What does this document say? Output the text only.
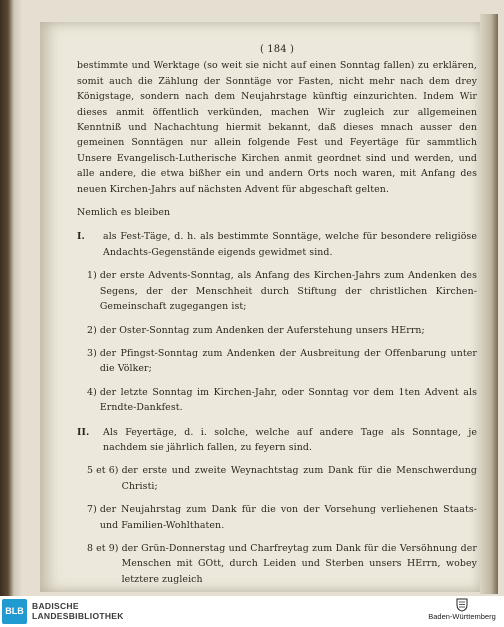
( 184 )

bestimmte und Werktage (so weit sie nicht auf einen Sonntag fallen) zu erklären, somit auch die Zählung der Sonntäge vor Fasten, nicht mehr nach dem drey Königstage, sondern nach dem Neujahrstage künftig einzurichten. Indem Wir dieses anmit öffentlich verkünden, machen Wir zugleich zur allgemeinen Kenntniß und Nachachtung hiermit bekannt, daß dieses mnach ausser den gemeinen Sonntägen nur allein folgende Fest und Feyertäge für sammtlich Unsere Evangelisch-Lutherische Kirchen anmit geordnet sind und werden, und alle andere, die etwa bißher ein und andern Orts noch waren, mit Anfang des neuen Kirchen-Jahrs auf nächsten Advent für abgeschaft gelten.

Nemlich es bleiben

I.	als Fest-Täge, d. h. als bestimmte Sonntäge, welche für besondere religiöse Andachts-Gegenstände eigends gewidmet sind.
1) der erste Advents-Sonntag, als Anfang des Kirchen-Jahrs zum Andenken des Segens, der der Menschheit durch Stiftung der christlichen Kirchen-Gemeinschaft zugegangen ist;
2) der Oster-Sonntag zum Andenken der Auferstehung unsers HErrn;
3) der Pfingst-Sonntag zum Andenken der Ausbreitung der Offenbarung unter die Völker;
4) der letzte Sonntag im Kirchen-Jahr, oder Sonntag vor dem 1ten Advent als Erndte-Dankfest.
II.	Als Feyertäge, d. i. solche, welche auf andere Tage als Sonntage, je nachdem sie jährlich fallen, zu feyern sind.
5 et 6) der erste und zweite Weynachtstag zum Dank für die Menschwerdung Christi;
7) der Neujahrstag zum Dank für die von der Vorsehung verliehenen Staats- und Familien-Wohlthaten.
8 et 9) der Grün-Donnerstag und Charfreytag zum Dank für die Versöhnung der Menschen mit GOtt, durch Leiden und Sterben unsers HErrn, wobey letztere zugleich
BLB BADISCHE
LANDESBIBLIOTHEK	Baden-Württemberg
